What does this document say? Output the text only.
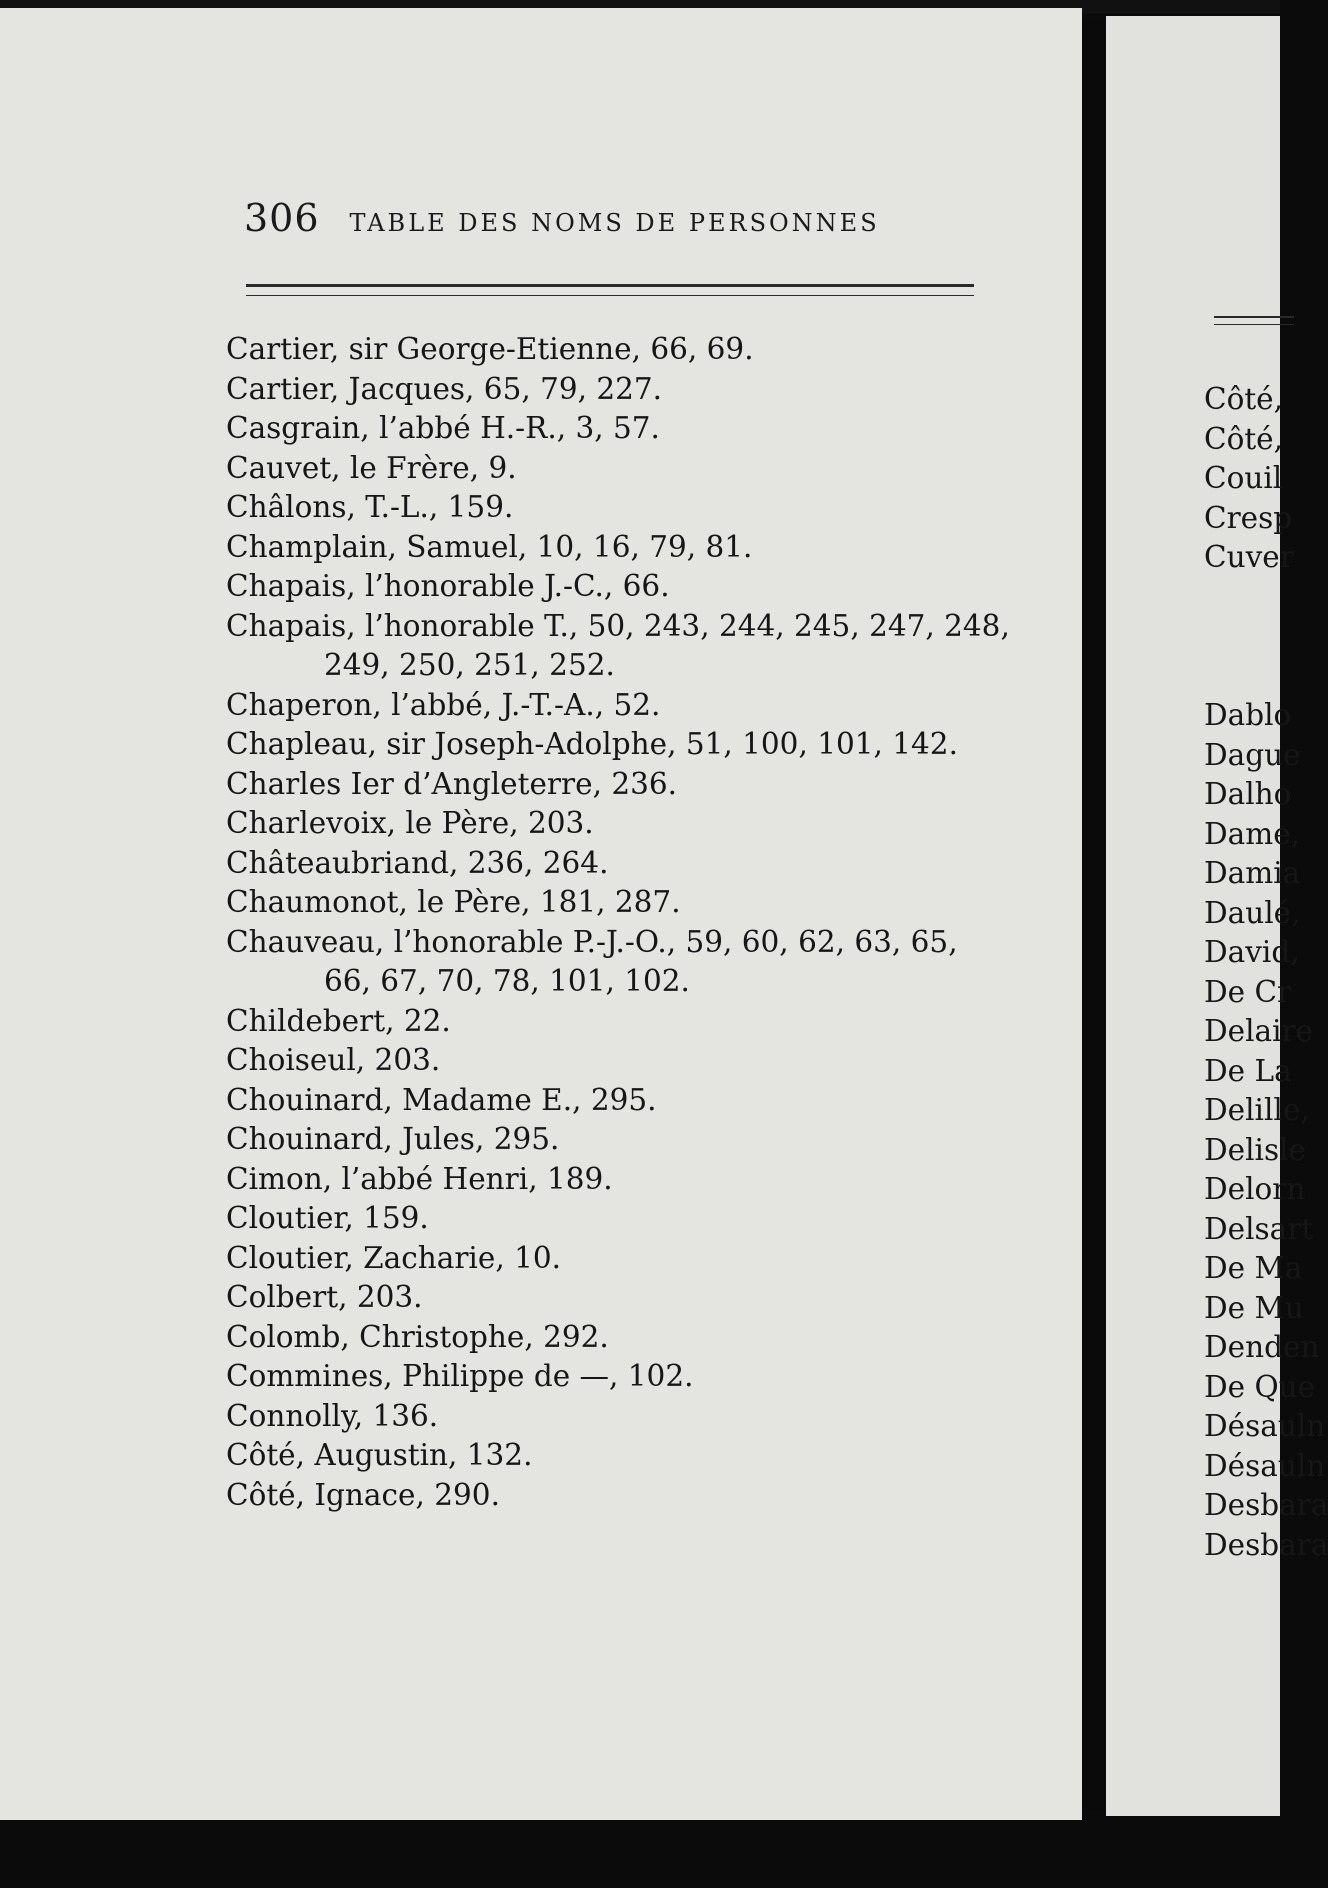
Côté,
Côté,
Couil
Cresp
Cuver
Dablo
Dague
Dalho
Dame,
Damia
Daulé,
David,
De Cr
Delaire
De La
Delille,
Delisle
Delorn
Delsart
De Ma
De Mu
Denden
De Que
Désauln
Désauln
Desbara
Desbara
306 TABLE DES NOMS DE PERSONNES
Cartier, sir George-Etienne, 66, 69.
Cartier, Jacques, 65, 79, 227.
Casgrain, l’abbé H.-R., 3, 57.
Cauvet, le Frère, 9.
Châlons, T.-L., 159.
Champlain, Samuel, 10, 16, 79, 81.
Chapais, l’honorable J.-C., 66.
Chapais, l’honorable T., 50, 243, 244, 245, 247, 248,
249, 250, 251, 252.
Chaperon, l’abbé, J.-T.-A., 52.
Chapleau, sir Joseph-Adolphe, 51, 100, 101, 142.
Charles Ier d’Angleterre, 236.
Charlevoix, le Père, 203.
Châteaubriand, 236, 264.
Chaumonot, le Père, 181, 287.
Chauveau, l’honorable P.-J.-O., 59, 60, 62, 63, 65,
66, 67, 70, 78, 101, 102.
Childebert, 22.
Choiseul, 203.
Chouinard, Madame E., 295.
Chouinard, Jules, 295.
Cimon, l’abbé Henri, 189.
Cloutier, 159.
Cloutier, Zacharie, 10.
Colbert, 203.
Colomb, Christophe, 292.
Commines, Philippe de —, 102.
Connolly, 136.
Côté, Augustin, 132.
Côté, Ignace, 290.
